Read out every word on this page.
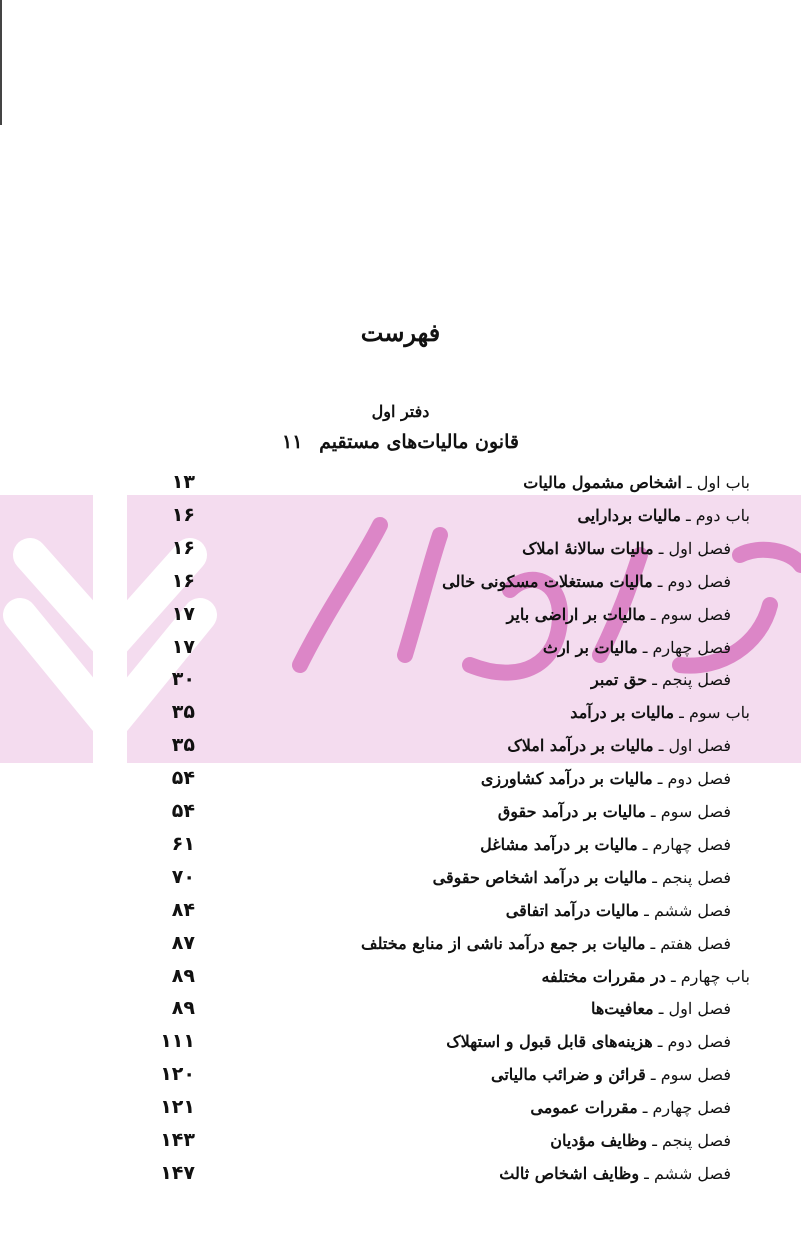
فهرست
دفتر اول
قانون مالیات‌های مستقیم ۱۱
باب اول ـ اشخاص مشمول مالیات
۱۳
باب دوم ـ مالیات بردارایی
۱۶
فصل اول ـ مالیات سالانهٔ املاک
۱۶
فصل دوم ـ مالیات مستغلات مسکونی خالی
۱۶
فصل سوم ـ مالیات بر اراضی بایر
۱۷
فصل چهارم ـ مالیات بر ارث
۱۷
فصل پنجم ـ حق تمبر
۳۰
باب سوم ـ مالیات بر درآمد
۳۵
فصل اول ـ مالیات بر درآمد املاک
۳۵
فصل دوم ـ مالیات بر درآمد کشاورزی
۵۴
فصل سوم ـ مالیات بر درآمد حقوق
۵۴
فصل چهارم ـ مالیات بر درآمد مشاغل
۶۱
فصل پنجم ـ مالیات بر درآمد اشخاص حقوقی
۷۰
فصل ششم ـ مالیات درآمد اتفاقی
۸۴
فصل هفتم ـ مالیات بر جمع درآمد ناشی از منابع مختلف
۸۷
باب چهارم ـ در مقررات مختلفه
۸۹
فصل اول ـ معافیت‌ها
۸۹
فصل دوم ـ هزینه‌های قابل قبول و استهلاک
۱۱۱
فصل سوم ـ قرائن و ضرائب مالیاتی
۱۲۰
فصل چهارم ـ مقررات عمومی
۱۲۱
فصل پنجم ـ وظایف مؤدیان
۱۴۳
فصل ششم ـ وظایف اشخاص ثالث
۱۴۷
